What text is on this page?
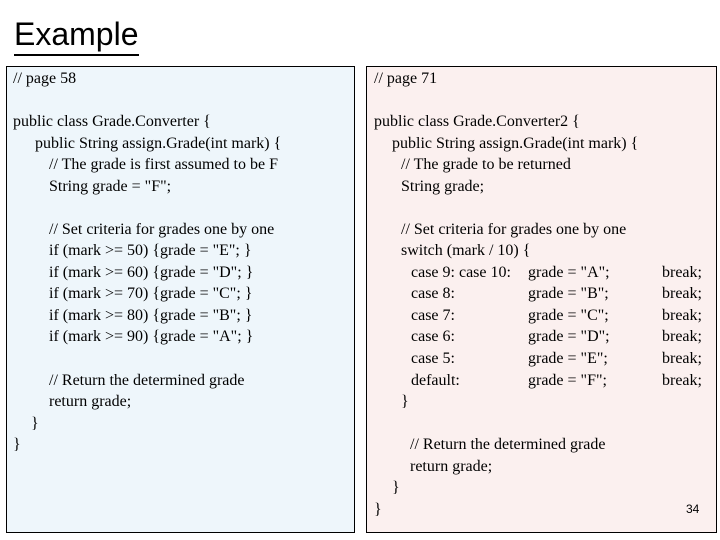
Example
// page 58
public class Grade.Converter {
public String assign.Grade(int mark) {
// The grade is first assumed to be F
String grade = "F";
// Set criteria for grades one by one
if (mark >= 50) {grade = "E"; }
if (mark >= 60) {grade = "D"; }
if (mark >= 70) {grade = "C"; }
if (mark >= 80) {grade = "B"; }
if (mark >= 90) {grade = "A"; }
// Return the determined grade
return grade;
}
}
// page 71
public class Grade.Converter2 {
public String assign.Grade(int mark) {
// The grade to be returned
String grade;
// Set criteria for grades one by one
switch (mark / 10) {
case 9: case 10: grade = "A";	break;
case 8:	grade = "B";	break;
case 7:	grade = "C";	break;
case 6:	grade = "D";	break;
case 5:	grade = "E";	break;
default:	grade = "F";	break;
}
// Return the determined grade
return grade;
}
}	34
